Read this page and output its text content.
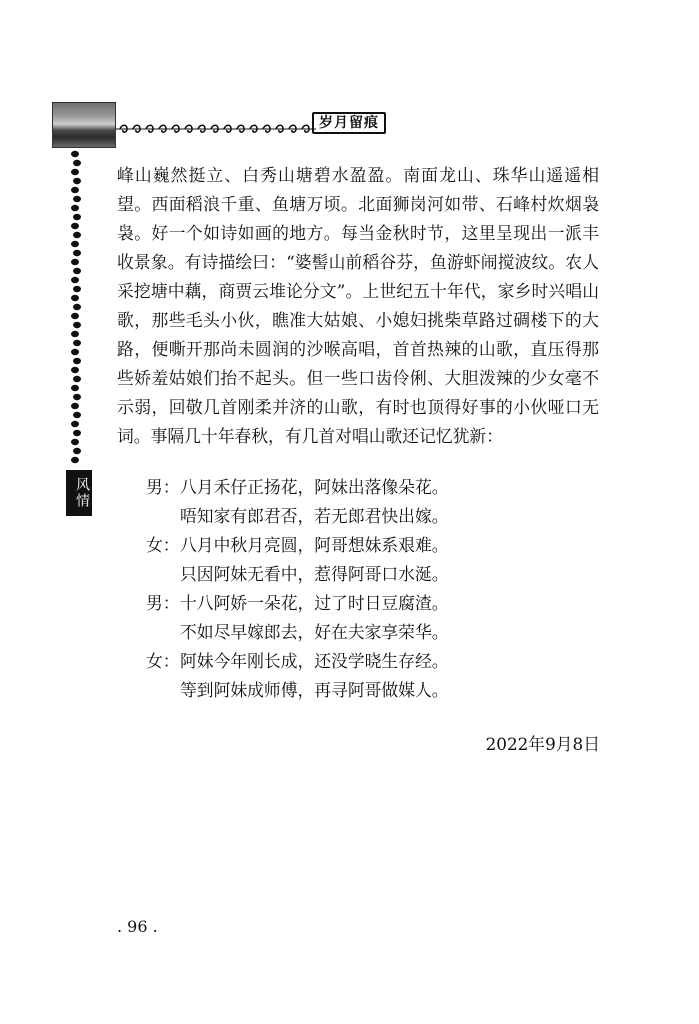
岁月留痕
风情

峰山巍然挺立、白秀山塘碧水盈盈。南面龙山、珠华山遥遥相望。西面稻浪千重、鱼塘万顷。北面狮岗河如带、石峰村炊烟袅袅。好一个如诗如画的地方。每当金秋时节，这里呈现出一派丰收景象。有诗描绘曰：“婆髻山前稻谷芬，鱼游虾闹搅波纹。农人采挖塘中藕，商贾云堆论分文”。上世纪五十年代，家乡时兴唱山歌，那些毛头小伙，瞧准大姑娘、小媳妇挑柴草路过碉楼下的大路，便嘶开那尚未圆润的沙喉高唱，首首热辣的山歌，直压得那些娇羞姑娘们抬不起头。但一些口齿伶俐、大胆泼辣的少女毫不示弱，回敬几首刚柔并济的山歌，有时也顶得好事的小伙哑口无词。事隔几十年春秋，有几首对唱山歌还记忆犹新：

男：八月禾仔正扬花，阿妹出落像朵花。
唔知家有郎君否，若无郎君快出嫁。
女：八月中秋月亮圆，阿哥想妹系艰难。
只因阿妹无看中，惹得阿哥口水涎。
男：十八阿娇一朵花，过了时日豆腐渣。
不如尽早嫁郎去，好在夫家享荣华。
女：阿妹今年刚长成，还没学晓生存经。
等到阿妹成师傅，再寻阿哥做媒人。
2022年9月8日
. 96 .
